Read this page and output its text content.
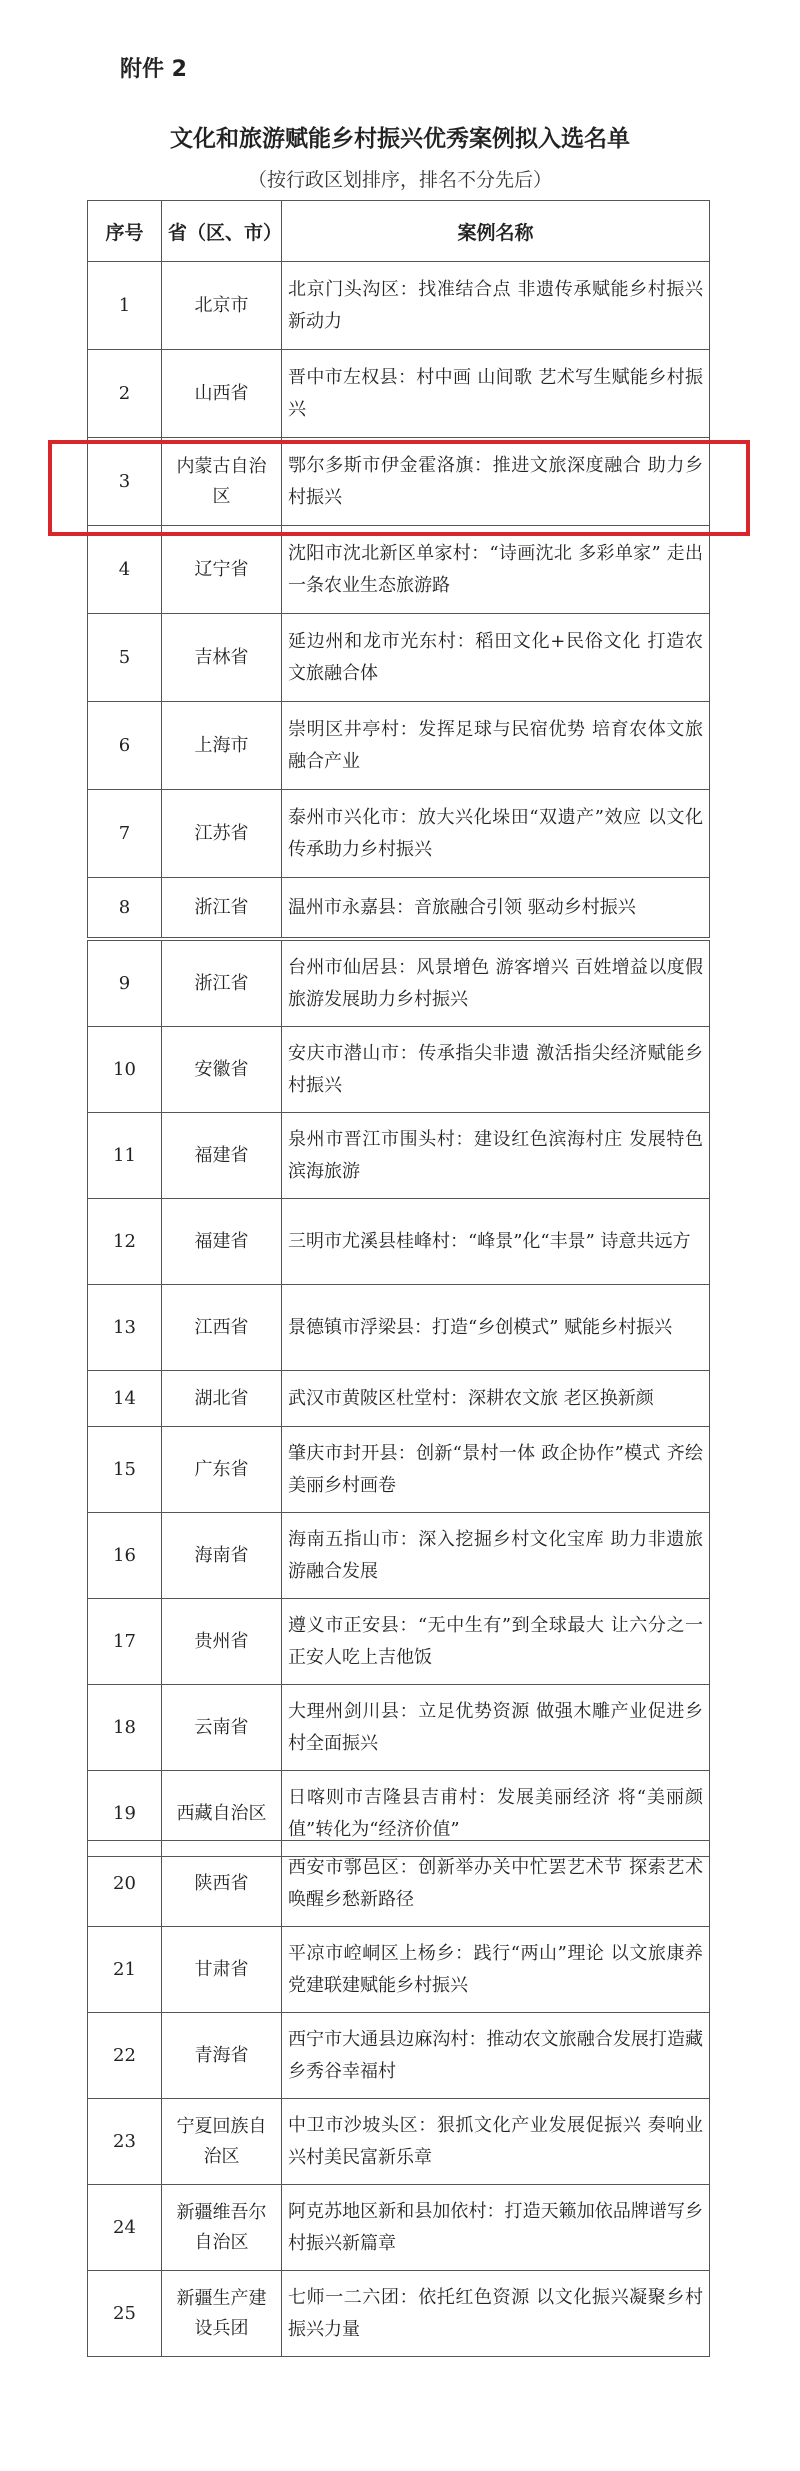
附件 2
文化和旅游赋能乡村振兴优秀案例拟入选名单
（按行政区划排序，排名不分先后）
序号	省（区、市）	案例名称
1	北京市	北京门头沟区：找准结合点 非遗传承赋能乡村振兴新动力
2	山西省	晋中市左权县：村中画 山间歌 艺术写生赋能乡村振兴
3	内蒙古自治区	鄂尔多斯市伊金霍洛旗：推进文旅深度融合 助力乡村振兴
4	辽宁省	沈阳市沈北新区单家村：“诗画沈北 多彩单家” 走出一条农业生态旅游路
5	吉林省	延边州和龙市光东村：稻田文化+民俗文化 打造农文旅融合体
6	上海市	崇明区井亭村：发挥足球与民宿优势 培育农体文旅融合产业
7	江苏省	泰州市兴化市：放大兴化垛田“双遗产”效应 以文化传承助力乡村振兴
8	浙江省	温州市永嘉县：音旅融合引领 驱动乡村振兴
9	浙江省	台州市仙居县：风景增色 游客增兴 百姓增益以度假旅游发展助力乡村振兴
10	安徽省	安庆市潜山市：传承指尖非遗 激活指尖经济赋能乡村振兴
11	福建省	泉州市晋江市围头村：建设红色滨海村庄 发展特色滨海旅游
12	福建省	三明市尤溪县桂峰村：“峰景”化“丰景” 诗意共远方
13	江西省	景德镇市浮梁县：打造“乡创模式” 赋能乡村振兴
14	湖北省	武汉市黄陂区杜堂村：深耕农文旅 老区换新颜
15	广东省	肇庆市封开县：创新“景村一体 政企协作”模式 齐绘美丽乡村画卷
16	海南省	海南五指山市：深入挖掘乡村文化宝库 助力非遗旅游融合发展
17	贵州省	遵义市正安县：“无中生有”到全球最大 让六分之一正安人吃上吉他饭
18	云南省	大理州剑川县：立足优势资源 做强木雕产业促进乡村全面振兴
19	西藏自治区	日喀则市吉隆县吉甫村：发展美丽经济 将“美丽颜值”转化为“经济价值”
20	陕西省	西安市鄠邑区：创新举办关中忙罢艺术节 探索艺术唤醒乡愁新路径
21	甘肃省	平凉市崆峒区上杨乡：践行“两山”理论 以文旅康养党建联建赋能乡村振兴
22	青海省	西宁市大通县边麻沟村：推动农文旅融合发展打造藏乡秀谷幸福村
23	宁夏回族自治区	中卫市沙坡头区：狠抓文化产业发展促振兴 奏响业兴村美民富新乐章
24	新疆维吾尔自治区	阿克苏地区新和县加依村：打造天籁加依品牌谱写乡村振兴新篇章
25	新疆生产建设兵团	七师一二六团：依托红色资源 以文化振兴凝聚乡村振兴力量
